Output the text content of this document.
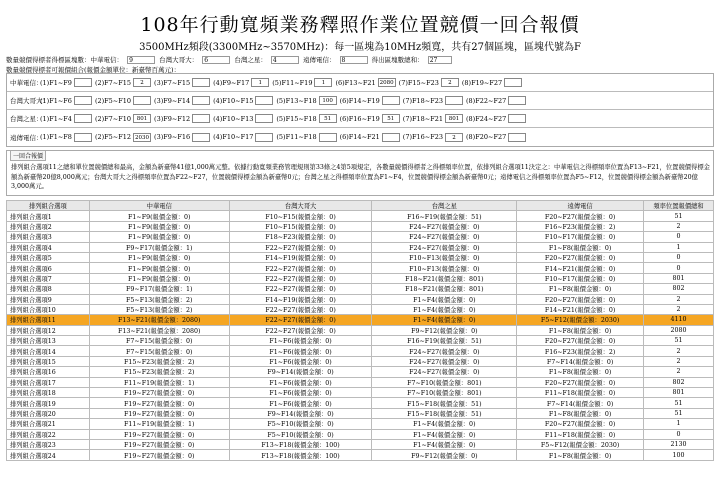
108年行動寬頻業務釋照作業位置競價一回合報價
3500MHz頻段(3300MHz~3570MHz)：每一區塊為10MHz頻寬，共有27個區塊，區塊代號為F
數量競價得標者得標區塊數：中華電信： 9	台灣大哥大： 6	台灣之星： 4	遠傳電信： 8	得出區塊數總和： 27
數量競價得標者可報價組合(報價金額單位：新臺幣百萬元)：
中華電信：
(1)F1~F9	(2)F7~F15	2	(3)F7~F15	(4)F9~F17	1	(5)F11~F19	1	(6)F13~F21 2080 (7)F15~F23	2	(8)F19~F27
台灣大哥大：
(1)F1~F6	(2)F5~F10	(3)F9~F14	(4)F10~F15	(5)F13~F18	100	(6)F14~F19	(7)F18~F23	(8)F22~F27
台灣之星：
(1)F1~F4	(2)F7~F10	801	(3)F9~F12	(4)F10~F13	(5)F15~F18	51	(6)F16~F19	51	(7)F18~F21	801	(8)F24~F27
遠傳電信：
(1)F1~F8	(2)F5~F12 2030 (3)F9~F16	(4)F10~F17	(5)F11~F18	(6)F14~F21	(7)F16~F23	2	(8)F20~F27
一回合報價
排列組合選項11之總和單位置競價總和最高，金額為新臺幣41億1,000萬元整。依據行動寬頻業務管理規則第33條之4第5項規定，各數量競價得標者之得標頻率位置，依排列組合選項11決定之：中華電信之得標頻率位置為F13~F21，位置競價得標金額為新臺幣20億8,000萬元；台灣大哥大之得標頻率位置為F22~F27，位置競價得標金額為新臺幣0元；台灣之星之得標頻率位置為F1~F4，位置競價得標金額為新臺幣0元；遠傳電信之得標頻率位置為F5~F12，位置競價得標金額為新臺幣20億3,000萬元。
排列組合選項	中華電信	台灣大哥大	台灣之星	遠傳電信	頻率位置報價總和
排列組合選項1	F1~F9(報價金額：0)	F10~F15(報價金額：0)	F16~F19(報價金額：51)	F20~F27(報價金額：0)	51
排列組合選項2	F1~F9(報價金額：0)	F10~F15(報價金額：0)	F24~F27(報價金額：0)	F16~F23(報價金額：2)	2
排列組合選項3	F1~F9(報價金額：0)	F18~F23(報價金額：0)	F24~F27(報價金額：0)	F10~F17(報價金額：0)	0
排列組合選項4	F9~F17(報價金額：1)	F22~F27(報價金額：0)	F24~F27(報價金額：0)	F1~F8(報價金額：0)	1
排列組合選項5	F1~F9(報價金額：0)	F14~F19(報價金額：0)	F10~F13(報價金額：0)	F20~F27(報價金額：0)	0
排列組合選項6	F1~F9(報價金額：0)	F22~F27(報價金額：0)	F10~F13(報價金額：0)	F14~F21(報價金額：0)	0
排列組合選項7	F1~F9(報價金額：0)	F22~F27(報價金額：0)	F18~F21(報價金額：801)	F10~F17(報價金額：0)	801
排列組合選項8	F9~F17(報價金額：1)	F22~F27(報價金額：0)	F18~F21(報價金額：801)	F1~F8(報價金額：0)	802
排列組合選項9	F5~F13(報價金額：2)	F14~F19(報價金額：0)	F1~F4(報價金額：0)	F20~F27(報價金額：0)	2
排列組合選項10	F5~F13(報價金額：2)	F22~F27(報價金額：0)	F1~F4(報價金額：0)	F14~F21(報價金額：0)	2
排列組合選項11	F13~F21(報價金額：2080)	F22~F27(報價金額：0)	F1~F4(報價金額：0)	F5~F12(報價金額：2030)	4110
排列組合選項12	F13~F21(報價金額：2080)	F22~F27(報價金額：0)	F9~F12(報價金額：0)	F1~F8(報價金額：0)	2080
排列組合選項13	F7~F15(報價金額：0)	F1~F6(報價金額：0)	F16~F19(報價金額：51)	F20~F27(報價金額：0)	51
排列組合選項14	F7~F15(報價金額：0)	F1~F6(報價金額：0)	F24~F27(報價金額：0)	F16~F23(報價金額：2)	2
排列組合選項15	F15~F23(報價金額：2)	F1~F6(報價金額：0)	F24~F27(報價金額：0)	F7~F14(報價金額：0)	2
排列組合選項16	F15~F23(報價金額：2)	F9~F14(報價金額：0)	F24~F27(報價金額：0)	F1~F8(報價金額：0)	2
排列組合選項17	F11~F19(報價金額：1)	F1~F6(報價金額：0)	F7~F10(報價金額：801)	F20~F27(報價金額：0)	802
排列組合選項18	F19~F27(報價金額：0)	F1~F6(報價金額：0)	F7~F10(報價金額：801)	F11~F18(報價金額：0)	801
排列組合選項19	F19~F27(報價金額：0)	F1~F6(報價金額：0)	F15~F18(報價金額：51)	F7~F14(報價金額：0)	51
排列組合選項20	F19~F27(報價金額：0)	F9~F14(報價金額：0)	F15~F18(報價金額：51)	F1~F8(報價金額：0)	51
排列組合選項21	F11~F19(報價金額：1)	F5~F10(報價金額：0)	F1~F4(報價金額：0)	F20~F27(報價金額：0)	1
排列組合選項22	F19~F27(報價金額：0)	F5~F10(報價金額：0)	F1~F4(報價金額：0)	F11~F18(報價金額：0)	0
排列組合選項23	F19~F27(報價金額：0)	F13~F18(報價金額：100)	F1~F4(報價金額：0)	F5~F12(報價金額：2030)	2130
排列組合選項24	F19~F27(報價金額：0)	F13~F18(報價金額：100)	F9~F12(報價金額：0)	F1~F8(報價金額：0)	100
